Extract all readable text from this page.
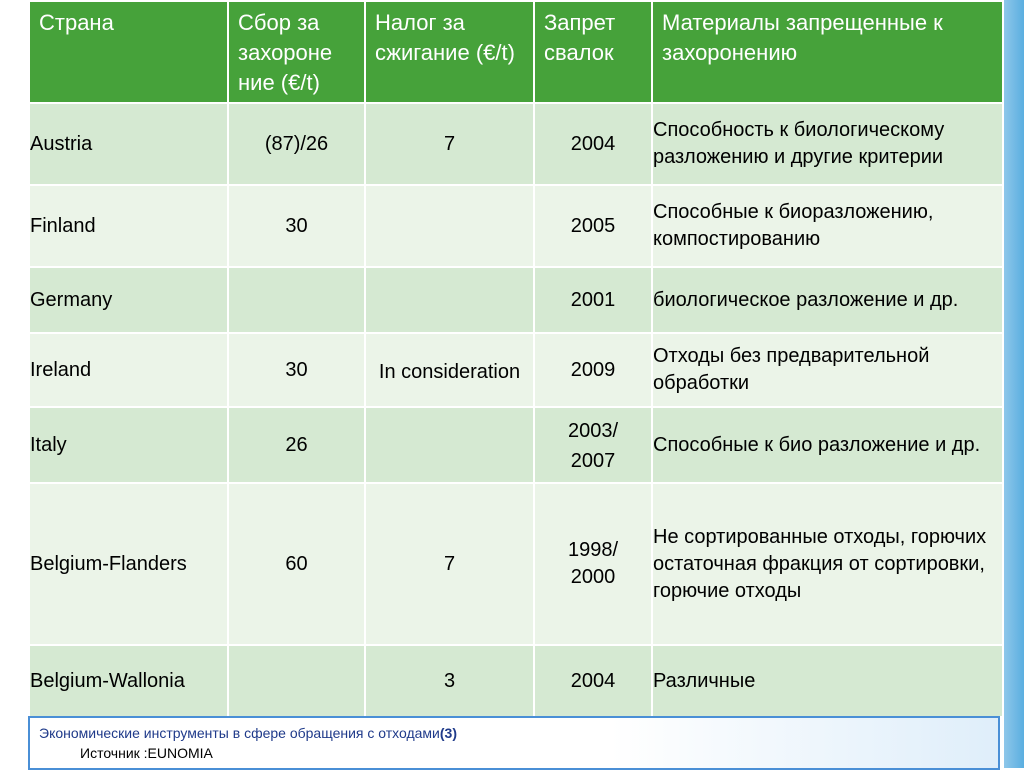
Страна	Сбор за захороне ние (€/t)	Налог за сжигание (€/t)	Запрет свалок	Материалы запрещенные к захоронению
Austria	(87)/26	7	2004	Способность к биологическому разложению и другие критерии
Finland	30		2005	Способные к биоразложению, компостированию
Germany			2001	биологическое разложение и др.
Ireland	30	In consideration	2009	Отходы без предварительной обработки
Italy	26		2003/ 2007	Способные к био разложение и др.
Belgium-Flanders	60	7	1998/ 2000	Не сортированные отходы, горючих остаточная фракция от сортировки, горючие отходы
Belgium-Wallonia		3	2004	Различные
Экономические инструменты в сфере обращения с отходами(3)
Источник :EUNOMIA
